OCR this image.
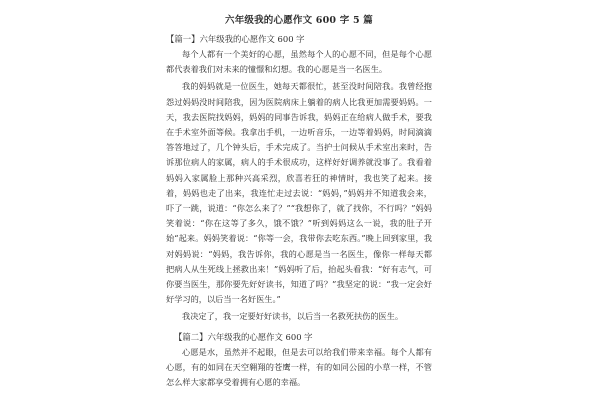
六年级我的心愿作文 600 字 5 篇
【篇一】六年级我的心愿作文 600 字

每个人都有一个美好的心愿，虽然每个人的心愿不同，但是每个心愿都代表着我们对未来的憧憬和幻想。我的心愿是当一名医生。

我的妈妈就是一位医生，她每天都很忙，甚至没时间陪我。我曾经抱怨过妈妈没时间陪我，因为医院病床上躺着的病人比我更加需要妈妈。一天，我去医院找妈妈，妈妈的同事告诉我，妈妈正在给病人做手术，要我在手术室外面等候。我拿出手机，一边听音乐，一边等着妈妈，时间滴滴答答地过了，几个钟头后，手术完成了。当护士问候从手术室出来时，告诉那位病人的家属，病人的手术很成功，这样好好调养就没事了。我看着妈妈入家属脸上那种兴高采烈，欣喜若狂的神情时，我也笑了起来。接着，妈妈也走了出来，我连忙走过去说：“妈妈，”妈妈并不知道我会来，吓了一跳，说道：“你怎么来了？”“我想你了，就了找你，不行吗？”妈妈笑着说：“你在这等了多久，饿不饿？”听到妈妈这么一说，我的肚子开始“起来。妈妈笑着说：“你等一会，我带你去吃东西。”晚上回到家里，我对妈妈说：“妈妈，我告诉你，我的心愿是当一名医生，像你一样每天都把病人从生死线上拯救出来！”妈妈听了后，抬起头看我：“好有志气，可你要当医生，那你要先好好读书，知道了吗？”我坚定的说：“我一定会好好学习的，以后当一名好医生。”

我决定了，我一定要好好读书，以后当一名救死扶伤的医生。

【篇二】六年级我的心愿作文 600 字

心愿是水，虽然并不起眼，但是去可以给我们带来幸福。每个人都有心愿，有的如同在天空翱翔的苍鹰一样，有的如同公园的小草一样，不管怎么样大家都享受着拥有心愿的幸福。
